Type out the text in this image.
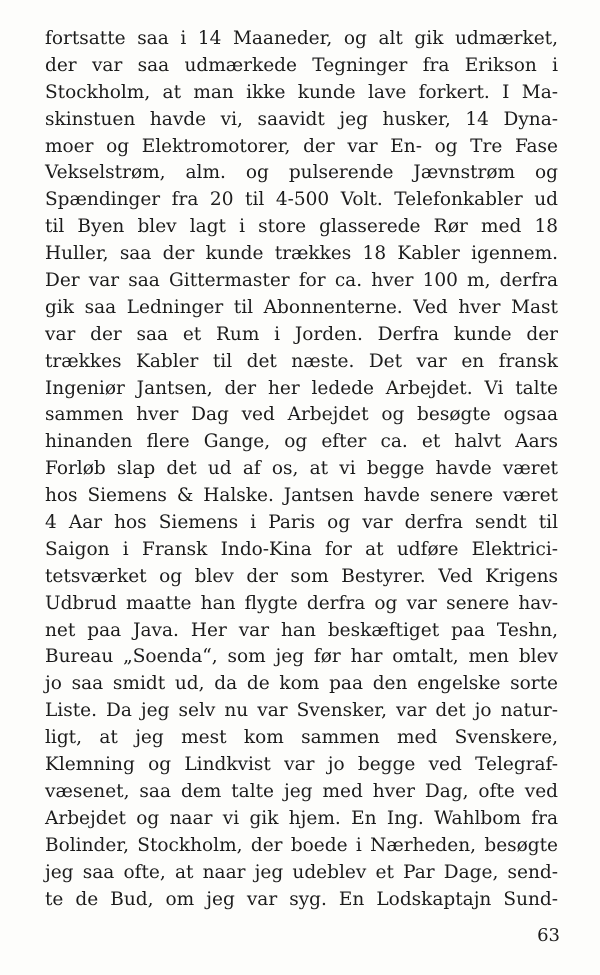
fortsatte saa i 14 Maaneder, og alt gik udmærket,
der var saa udmærkede Tegninger fra Erikson i
Stockholm, at man ikke kunde lave forkert. I Ma-
skinstuen havde vi, saavidt jeg husker, 14 Dyna-
moer og Elektromotorer, der var En- og Tre Fase
Vekselstrøm, alm. og pulserende Jævnstrøm og
Spændinger fra 20 til 4-500 Volt. Telefonkabler ud
til Byen blev lagt i store glasserede Rør med 18
Huller, saa der kunde trækkes 18 Kabler igennem.
Der var saa Gittermaster for ca. hver 100 m, derfra
gik saa Ledninger til Abonnenterne. Ved hver Mast
var der saa et Rum i Jorden. Derfra kunde der
trækkes Kabler til det næste. Det var en fransk
Ingeniør Jantsen, der her ledede Arbejdet. Vi talte
sammen hver Dag ved Arbejdet og besøgte ogsaa
hinanden flere Gange, og efter ca. et halvt Aars
Forløb slap det ud af os, at vi begge havde været
hos Siemens & Halske. Jantsen havde senere været
4 Aar hos Siemens i Paris og var derfra sendt til
Saigon i Fransk Indo-Kina for at udføre Elektrici-
tetsværket og blev der som Bestyrer. Ved Krigens
Udbrud maatte han flygte derfra og var senere hav-
net paa Java. Her var han beskæftiget paa Teshn,
Bureau „Soenda“, som jeg før har omtalt, men blev
jo saa smidt ud, da de kom paa den engelske sorte
Liste. Da jeg selv nu var Svensker, var det jo natur-
ligt, at jeg mest kom sammen med Svenskere,
Klemning og Lindkvist var jo begge ved Telegraf-
væsenet, saa dem talte jeg med hver Dag, ofte ved
Arbejdet og naar vi gik hjem. En Ing. Wahlbom fra
Bolinder, Stockholm, der boede i Nærheden, besøgte
jeg saa ofte, at naar jeg udeblev et Par Dage, send-
te de Bud, om jeg var syg. En Lodskaptajn Sund-
63
